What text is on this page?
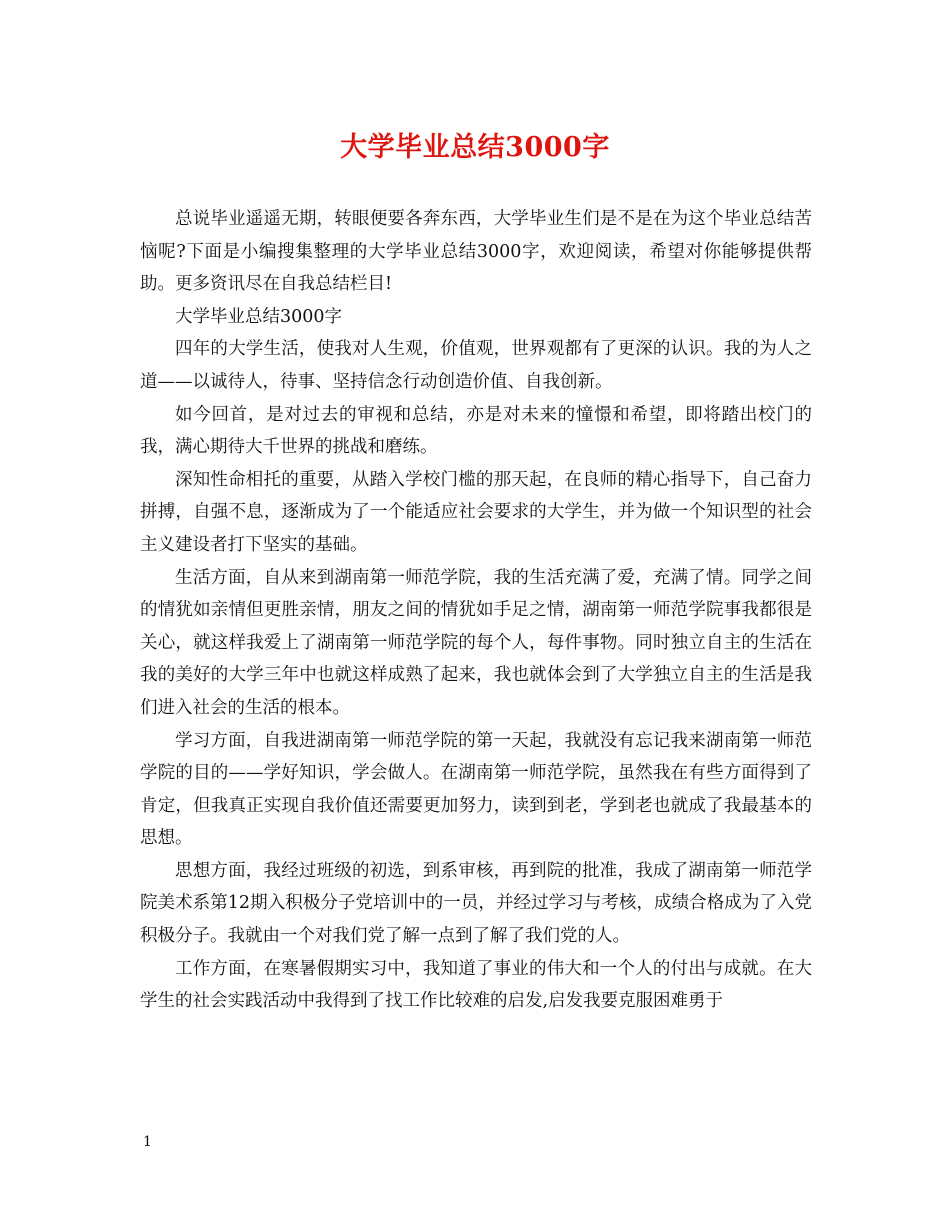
大学毕业总结3000字

总说毕业遥遥无期，转眼便要各奔东西，大学毕业生们是不是在为这个毕业总结苦恼呢?下面是小编搜集整理的大学毕业总结3000字，欢迎阅读，希望对你能够提供帮助。更多资讯尽在自我总结栏目!

大学毕业总结3000字

四年的大学生活，使我对人生观，价值观，世界观都有了更深的认识。我的为人之道——以诚待人，待事、坚持信念行动创造价值、自我创新。

如今回首，是对过去的审视和总结，亦是对未来的憧憬和希望，即将踏出校门的我，满心期待大千世界的挑战和磨练。

深知性命相托的重要，从踏入学校门槛的那天起，在良师的精心指导下，自己奋力拼搏，自强不息，逐渐成为了一个能适应社会要求的大学生，并为做一个知识型的社会主义建设者打下坚实的基础。

生活方面，自从来到湖南第一师范学院，我的生活充满了爱，充满了情。同学之间的情犹如亲情但更胜亲情，朋友之间的情犹如手足之情，湖南第一师范学院事我都很是关心，就这样我爱上了湖南第一师范学院的每个人，每件事物。同时独立自主的生活在我的美好的大学三年中也就这样成熟了起来，我也就体会到了大学独立自主的生活是我们进入社会的生活的根本。

学习方面，自我进湖南第一师范学院的第一天起，我就没有忘记我来湖南第一师范学院的目的——学好知识，学会做人。在湖南第一师范学院，虽然我在有些方面得到了肯定，但我真正实现自我价值还需要更加努力，读到到老，学到老也就成了我最基本的思想。

思想方面，我经过班级的初选，到系审核，再到院的批准，我成了湖南第一师范学院美术系第12期入积极分子党培训中的一员，并经过学习与考核，成绩合格成为了入党积极分子。我就由一个对我们党了解一点到了解了我们党的人。

工作方面，在寒暑假期实习中，我知道了事业的伟大和一个人的付出与成就。在大学生的社会实践活动中我得到了找工作比较难的启发,启发我要克服困难勇于

1
